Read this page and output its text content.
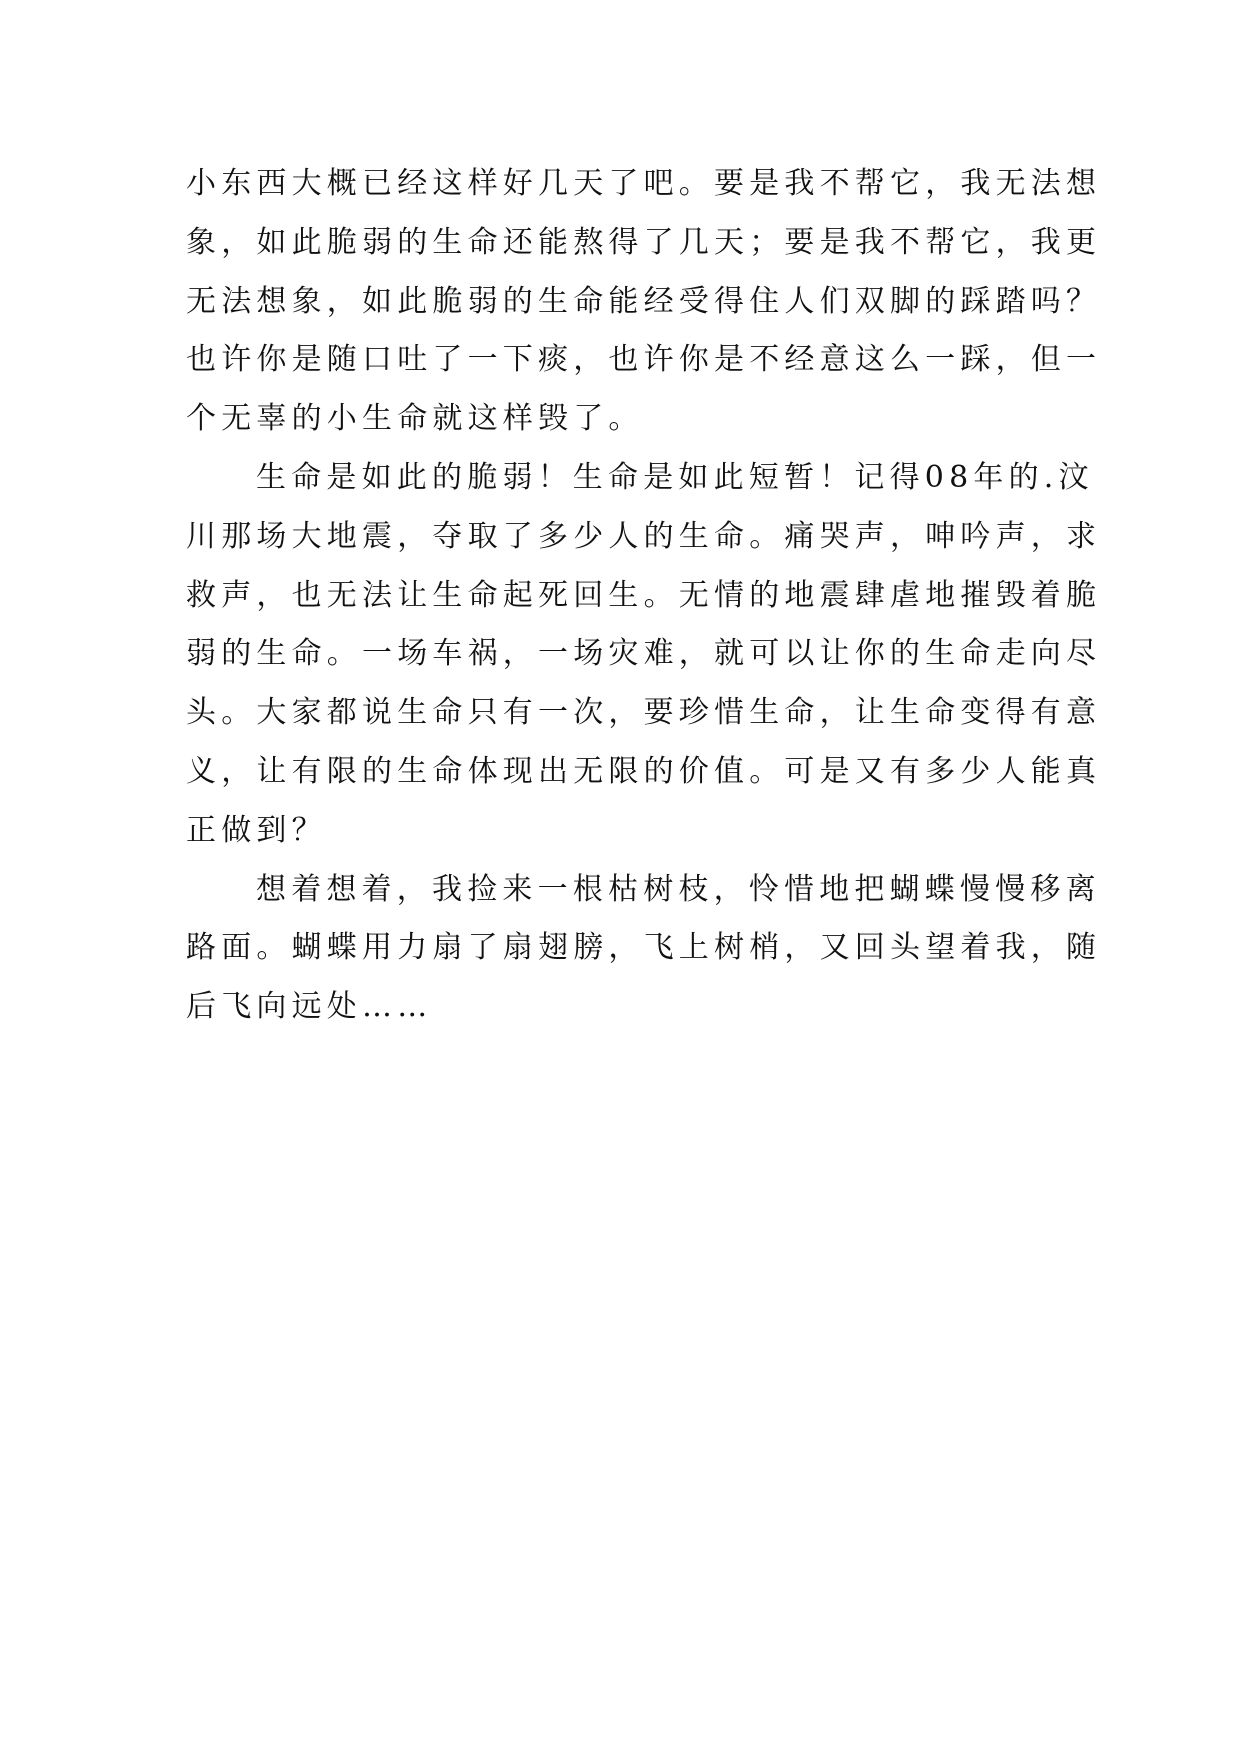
小东西大概已经这样好几天了吧。要是我不帮它，我无法想
象，如此脆弱的生命还能熬得了几天；要是我不帮它，我更
无法想象，如此脆弱的生命能经受得住人们双脚的踩踏吗？
也许你是随口吐了一下痰，也许你是不经意这么一踩，但一
个无辜的小生命就这样毁了。
生命是如此的脆弱！生命是如此短暂！记得08年的.汶
川那场大地震，夺取了多少人的生命。痛哭声，呻吟声，求
救声，也无法让生命起死回生。无情的地震肆虐地摧毁着脆
弱的生命。一场车祸，一场灾难，就可以让你的生命走向尽
头。大家都说生命只有一次，要珍惜生命，让生命变得有意
义，让有限的生命体现出无限的价值。可是又有多少人能真
正做到？
想着想着，我捡来一根枯树枝，怜惜地把蝴蝶慢慢移离
路面。蝴蝶用力扇了扇翅膀，飞上树梢，又回头望着我，随
后飞向远处……
